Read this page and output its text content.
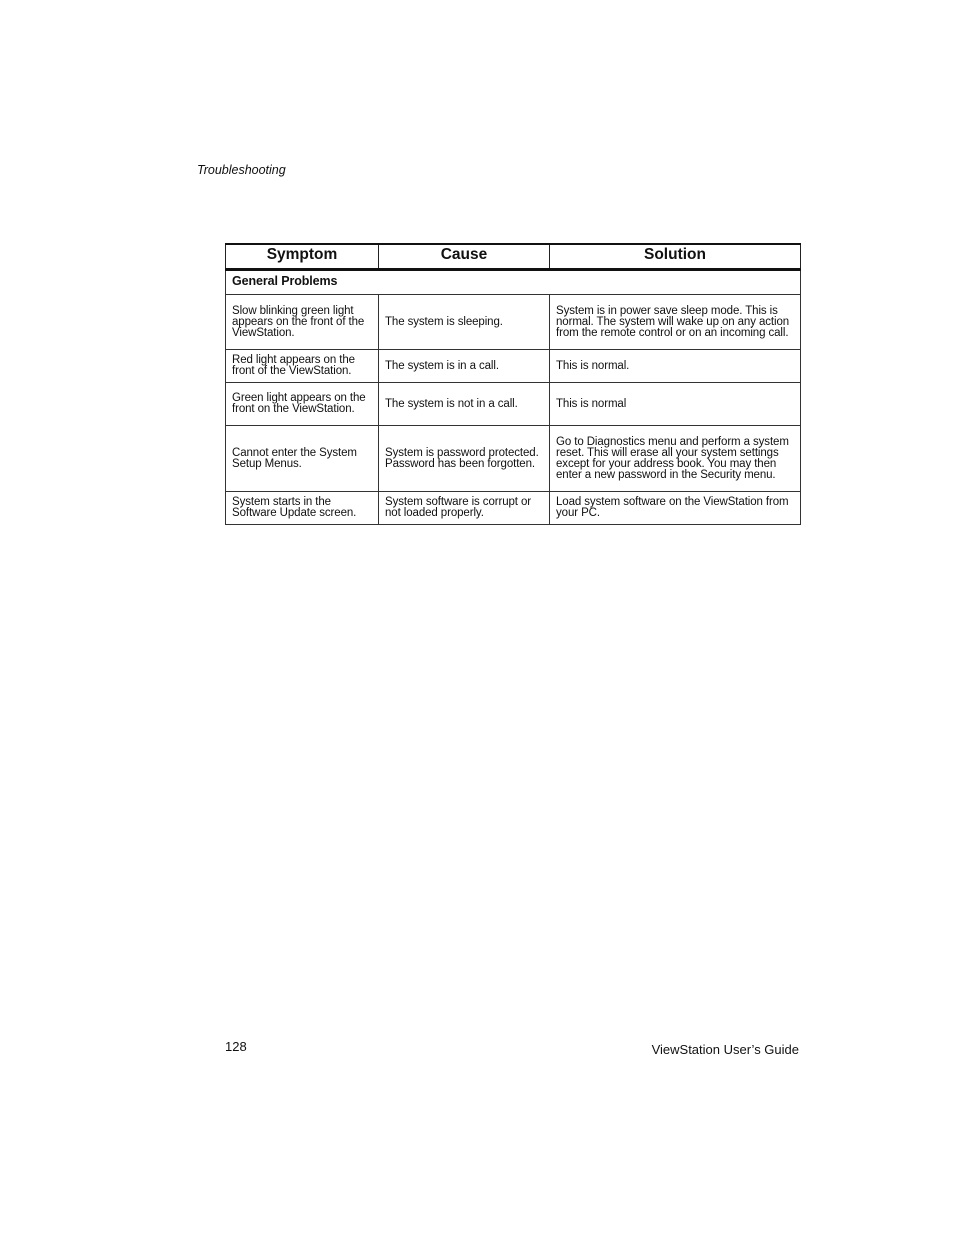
Troubleshooting
Symptom	Cause	Solution
General Problems		
Slow blinking green light appears on the front of the ViewStation.	The system is sleeping.	System is in power save sleep mode. This is normal. The system will wake up on any action from the remote control or on an incoming call.
Red light appears on the front of the ViewStation.	The system is in a call.	This is normal.
Green light appears on the front on the ViewStation.	The system is not in a call.	This is normal
Cannot enter the System Setup Menus.	System is password protected. Password has been forgotten.	Go to Diagnostics menu and perform a system reset. This will erase all your system settings except for your address book. You may then enter a new password in the Security menu.
System starts in the Software Update screen.	System software is corrupt or not loaded properly.	Load system software on the ViewStation from your PC.
128	ViewStation User’s Guide
